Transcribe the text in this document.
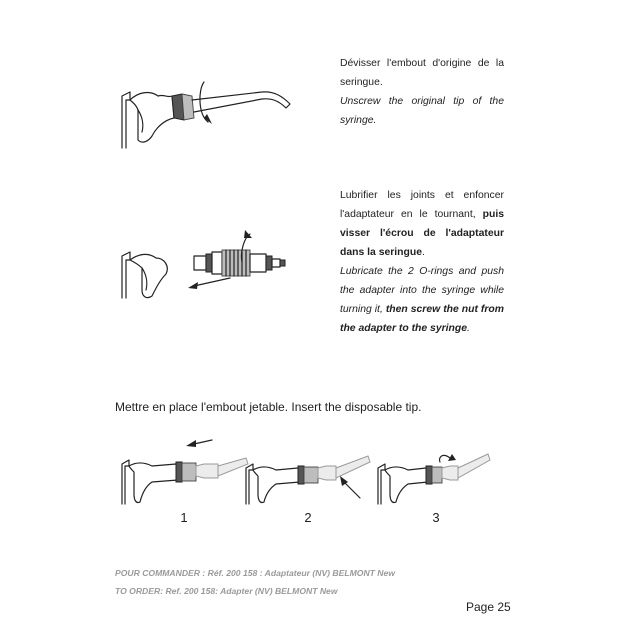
Dévisser l'embout d'origine de la seringue.
Unscrew the original tip of the syringe.
Lubrifier les joints et enfoncer l'adaptateur en le tournant, puis visser l'écrou de l'adaptateur dans la seringue.
Lubricate the 2 O-rings and push the adapter into the syringe while turning it, then screw the nut from the adapter to the syringe.
Mettre en place l'embout jetable. Insert the disposable tip.
1	2	3
POUR COMMANDER : Réf. 200 158 : Adaptateur (NV) BELMONT New
TO ORDER: Ref. 200 158: Adapter (NV) BELMONT New
Page 25
